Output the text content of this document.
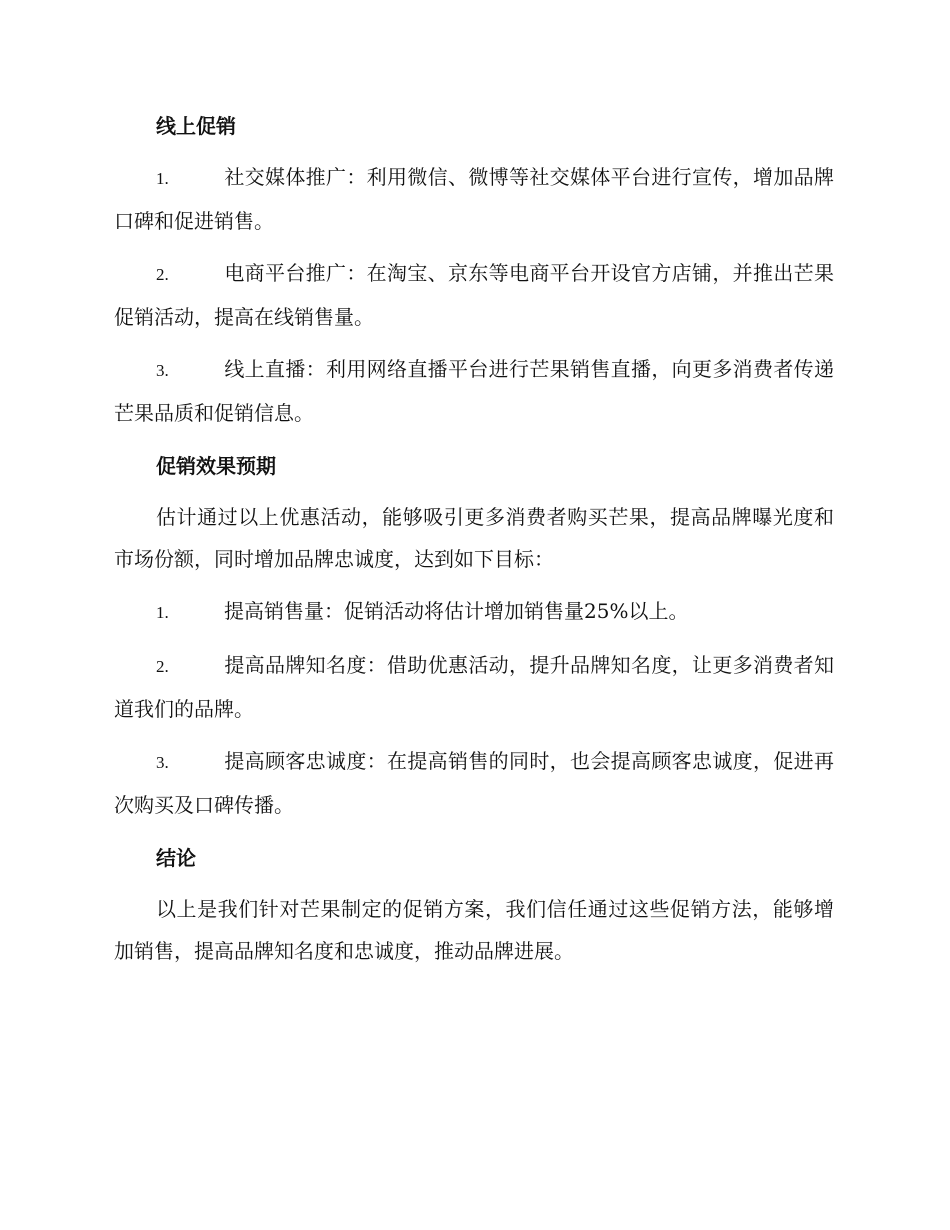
线上促销
1.	社交媒体推广：利用微信、微博等社交媒体平台进行宣传，增加品牌口碑和促进销售。
2.	电商平台推广：在淘宝、京东等电商平台开设官方店铺，并推出芒果促销活动，提高在线销售量。
3.	线上直播：利用网络直播平台进行芒果销售直播，向更多消费者传递芒果品质和促销信息。
促销效果预期
估计通过以上优惠活动，能够吸引更多消费者购买芒果，提高品牌曝光度和市场份额，同时增加品牌忠诚度，达到如下目标：
1.	提高销售量：促销活动将估计增加销售量25%以上。
2.	提高品牌知名度：借助优惠活动，提升品牌知名度，让更多消费者知道我们的品牌。
3.	提高顾客忠诚度：在提高销售的同时，也会提高顾客忠诚度，促进再次购买及口碑传播。
结论
以上是我们针对芒果制定的促销方案，我们信任通过这些促销方法，能够增加销售，提高品牌知名度和忠诚度，推动品牌进展。
